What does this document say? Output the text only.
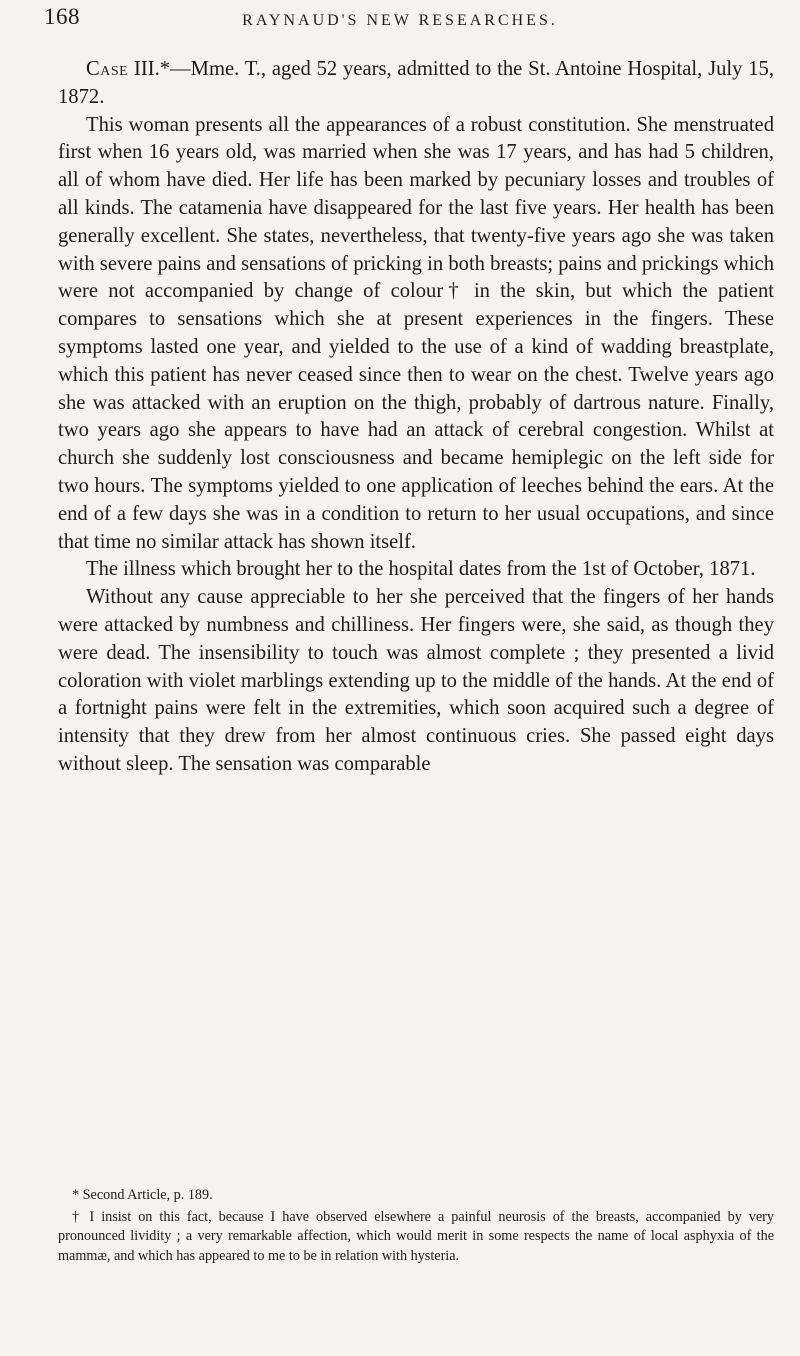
168	RAYNAUD'S NEW RESEARCHES.

Case III.*—Mme. T., aged 52 years, admitted to the St. Antoine Hospital, July 15, 1872.

This woman presents all the appearances of a robust constitution. She menstruated first when 16 years old, was married when she was 17 years, and has had 5 children, all of whom have died. Her life has been marked by pecuniary losses and troubles of all kinds. The catamenia have disappeared for the last five years. Her health has been generally excellent. She states, nevertheless, that twenty-five years ago she was taken with severe pains and sensations of pricking in both breasts; pains and prickings which were not accompanied by change of colour† in the skin, but which the patient compares to sensations which she at present experiences in the fingers. These symptoms lasted one year, and yielded to the use of a kind of wadding breastplate, which this patient has never ceased since then to wear on the chest. Twelve years ago she was attacked with an eruption on the thigh, probably of dartrous nature. Finally, two years ago she appears to have had an attack of cerebral congestion. Whilst at church she suddenly lost consciousness and became hemiplegic on the left side for two hours. The symptoms yielded to one application of leeches behind the ears. At the end of a few days she was in a condition to return to her usual occupations, and since that time no similar attack has shown itself.

The illness which brought her to the hospital dates from the 1st of October, 1871.

Without any cause appreciable to her she perceived that the fingers of her hands were attacked by numbness and chilliness. Her fingers were, she said, as though they were dead. The insensibility to touch was almost complete ; they presented a livid coloration with violet marblings extending up to the middle of the hands. At the end of a fortnight pains were felt in the extremities, which soon acquired such a degree of intensity that they drew from her almost continuous cries. She passed eight days without sleep. The sensation was comparable

* Second Article, p. 189.

† I insist on this fact, because I have observed elsewhere a painful neurosis of the breasts, accompanied by very pronounced lividity ; a very remarkable affection, which would merit in some respects the name of local asphyxia of the mammæ, and which has appeared to me to be in relation with hysteria.
